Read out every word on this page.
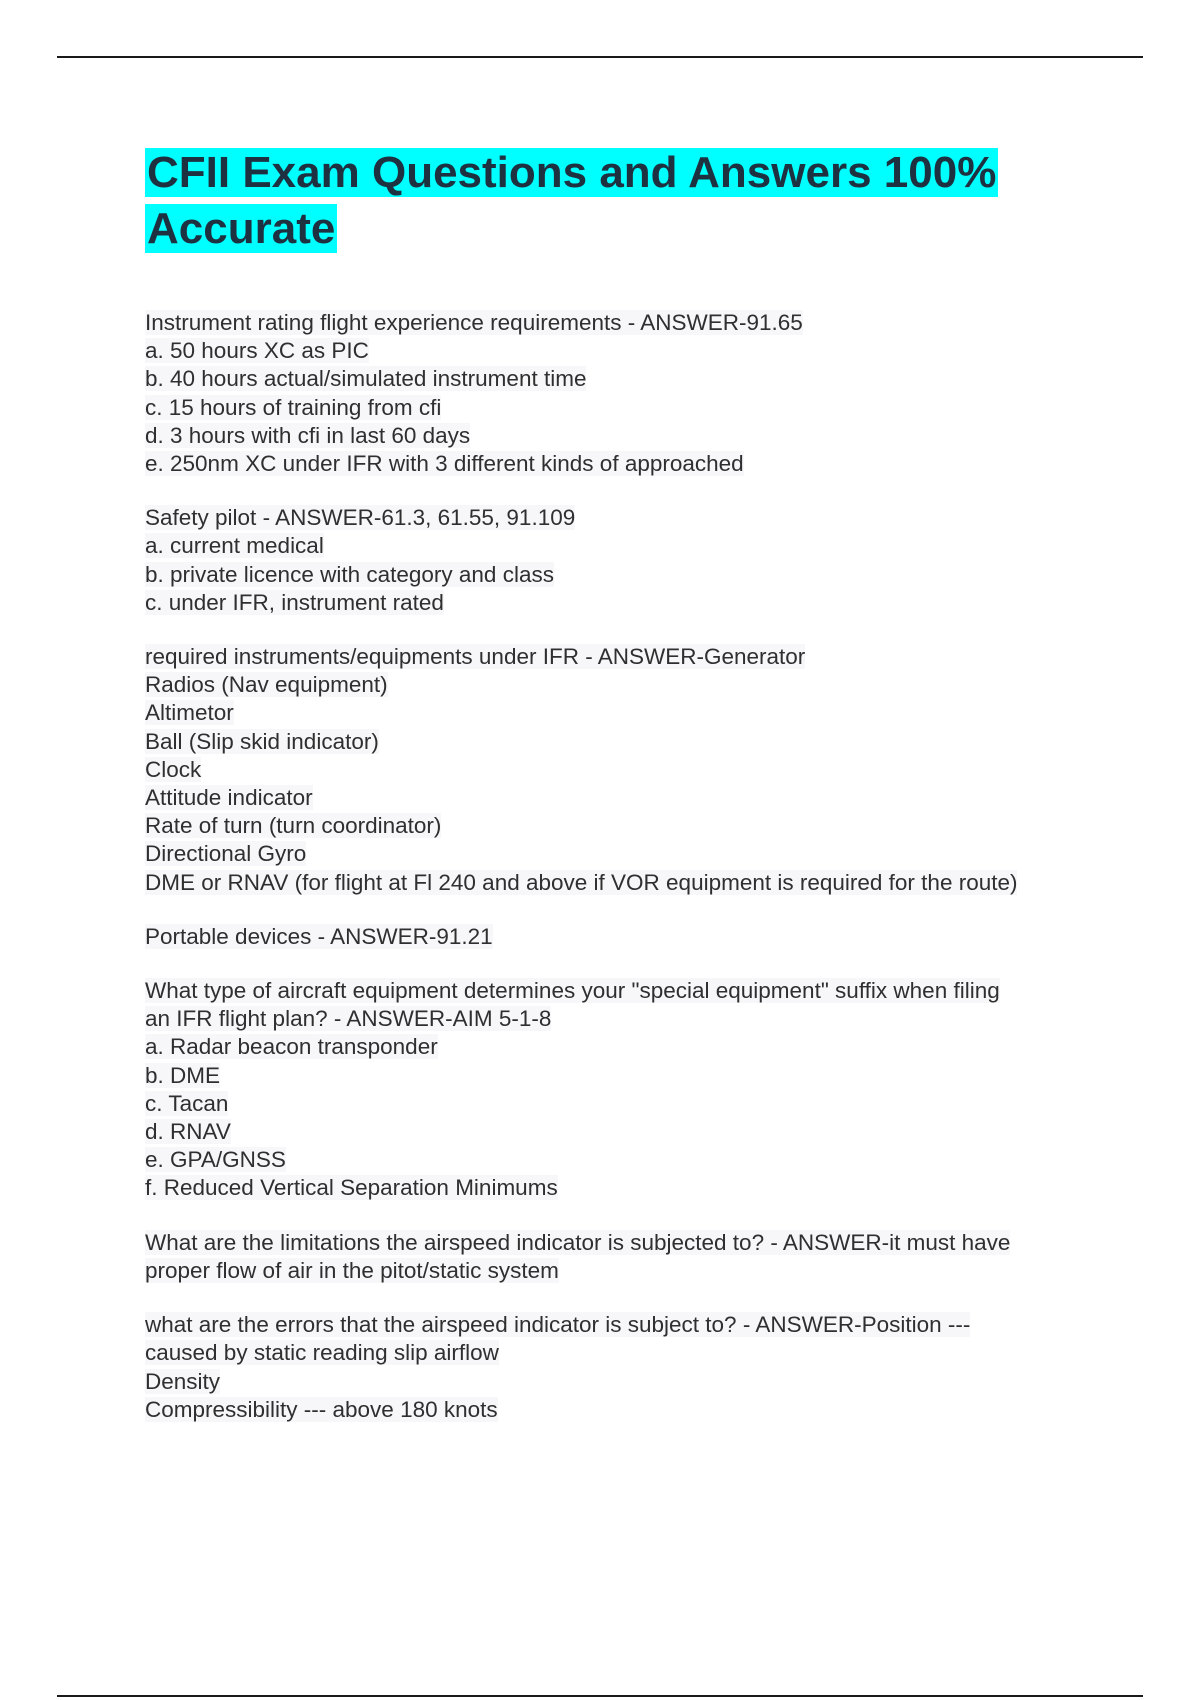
CFII Exam Questions and Answers 100% Accurate
Instrument rating flight experience requirements - ANSWER-91.65
a. 50 hours XC as PIC
b. 40 hours actual/simulated instrument time
c. 15 hours of training from cfi
d. 3 hours with cfi in last 60 days
e. 250nm XC under IFR with 3 different kinds of approached
Safety pilot - ANSWER-61.3, 61.55, 91.109
a. current medical
b. private licence with category and class
c. under IFR, instrument rated
required instruments/equipments under IFR - ANSWER-Generator
Radios (Nav equipment)
Altimetor
Ball (Slip skid indicator)
Clock
Attitude indicator
Rate of turn (turn coordinator)
Directional Gyro
DME or RNAV (for flight at Fl 240 and above if VOR equipment is required for the route)
Portable devices - ANSWER-91.21
What type of aircraft equipment determines your "special equipment" suffix when filing
an IFR flight plan? - ANSWER-AIM 5-1-8
a. Radar beacon transponder
b. DME
c. Tacan
d. RNAV
e. GPA/GNSS
f. Reduced Vertical Separation Minimums
What are the limitations the airspeed indicator is subjected to? - ANSWER-it must have
proper flow of air in the pitot/static system
what are the errors that the airspeed indicator is subject to? - ANSWER-Position ---
caused by static reading slip airflow
Density
Compressibility --- above 180 knots
